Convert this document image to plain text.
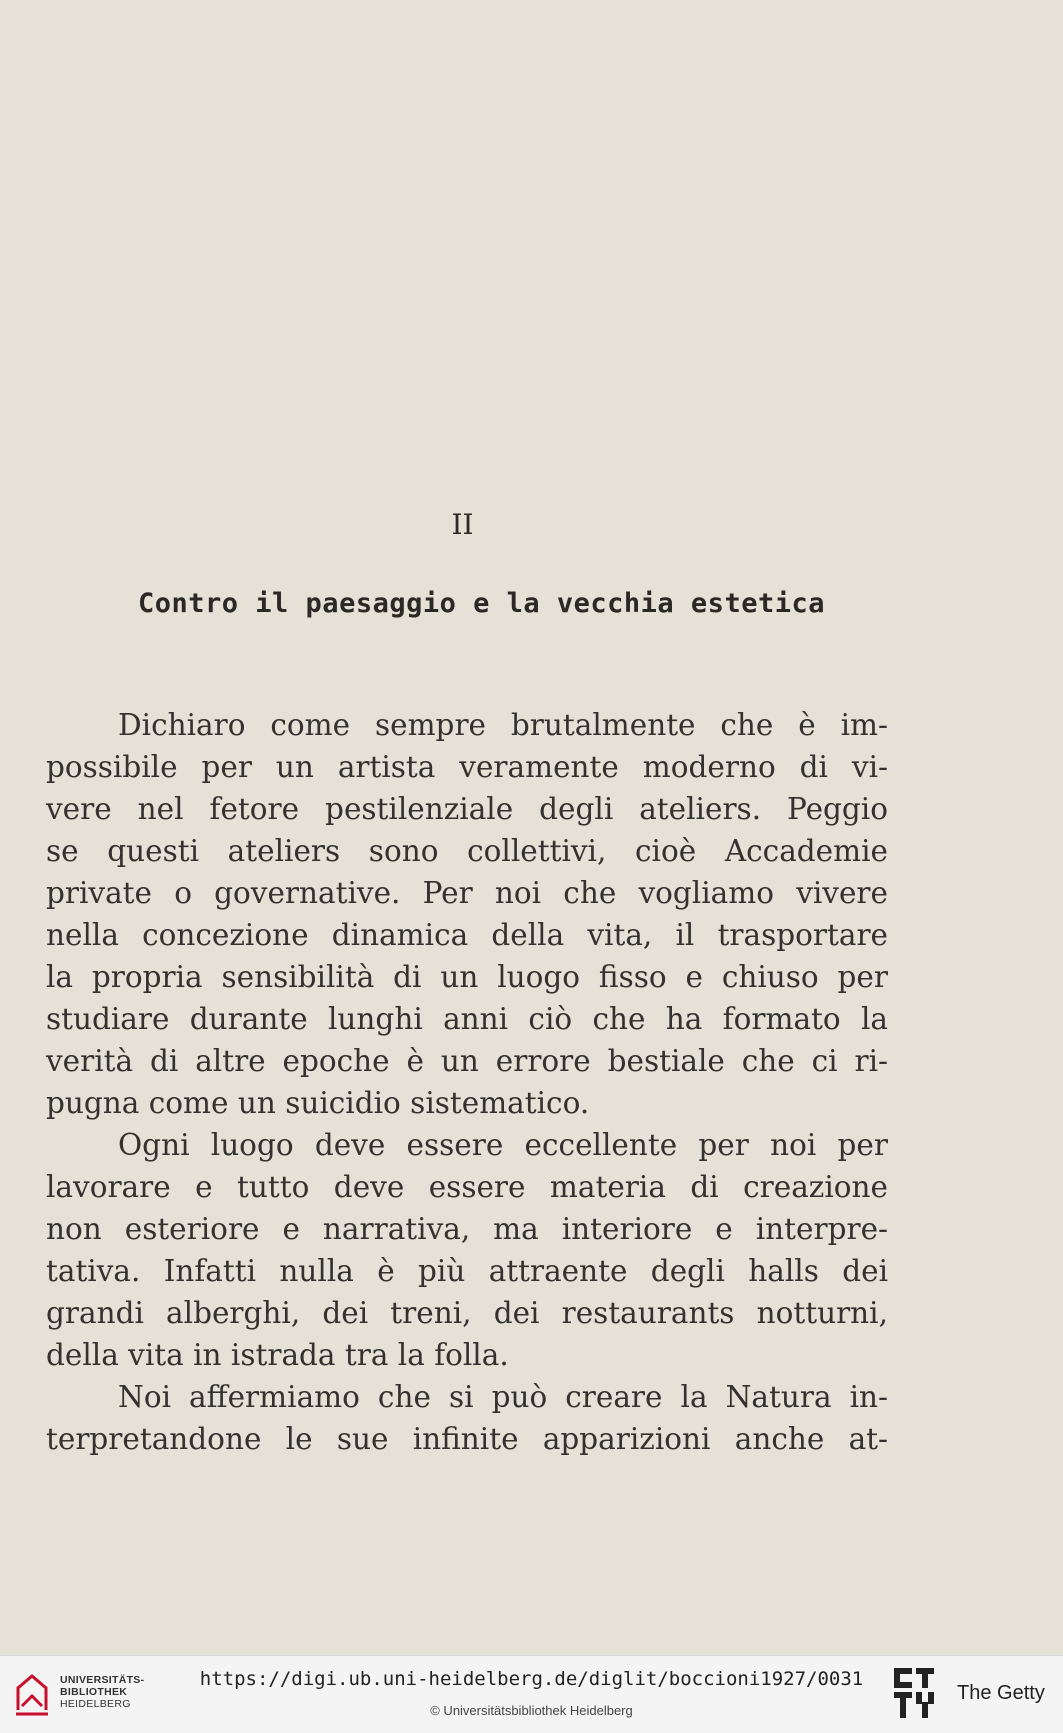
II
Contro il paesaggio e la vecchia estetica
Dichiaro come sempre brutalmente che è im-
possibile per un artista veramente moderno di vi-
vere nel fetore pestilenziale degli ateliers. Peggio
se questi ateliers sono collettivi, cioè Accademie
private o governative. Per noi che vogliamo vivere
nella concezione dinamica della vita, il trasportare
la propria sensibilità di un luogo fisso e chiuso per
studiare durante lunghi anni ciò che ha formato la
verità di altre epoche è un errore bestiale che ci ri-
pugna come un suicidio sistematico.
Ogni luogo deve essere eccellente per noi per
lavorare e tutto deve essere materia di creazione
non esteriore e narrativa, ma interiore e interpre-
tativa. Infatti nulla è più attraente degli halls dei
grandi alberghi, dei treni, dei restaurants notturni,
della vita in istrada tra la folla.
Noi affermiamo che si può creare la Natura in-
terpretandone le sue infinite apparizioni anche at-
UNIVERSITÄTS-
BIBLIOTHEK
HEIDELBERG
https://digi.ub.uni-heidelberg.de/diglit/boccioni1927/0031
© Universitätsbibliothek Heidelberg
The Getty
